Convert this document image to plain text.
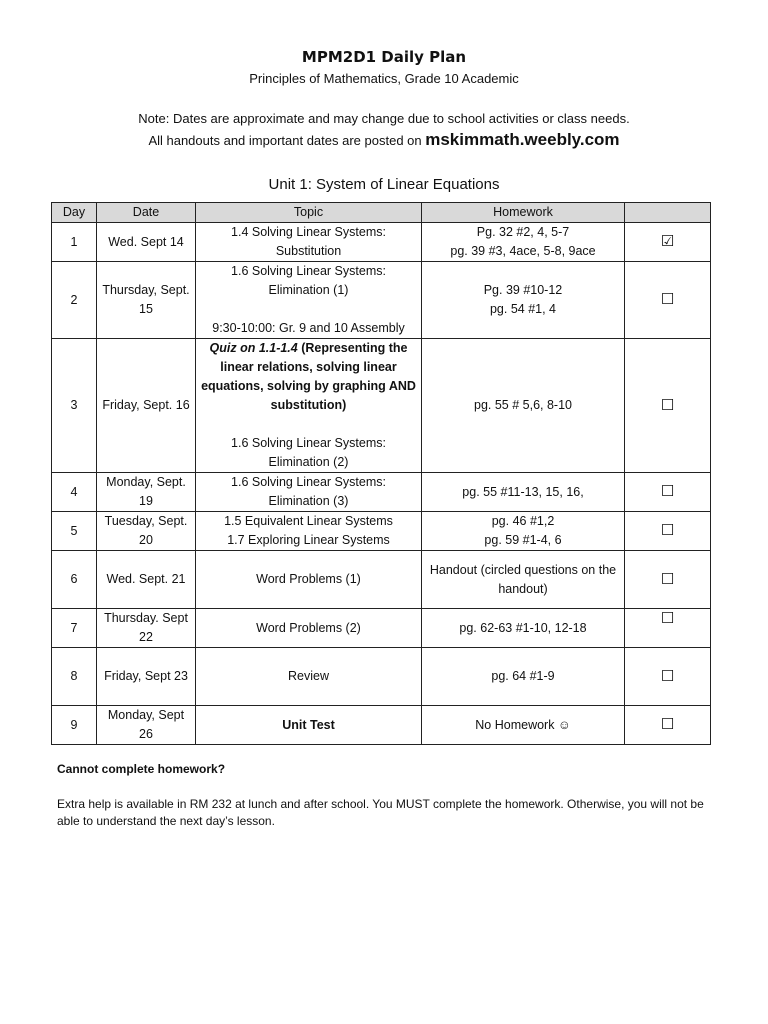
MPM2D1 Daily Plan
Principles of Mathematics, Grade 10 Academic
Note: Dates are approximate and may change due to school activities or class needs.
All handouts and important dates are posted on mskimmath.weebly.com
Unit 1: System of Linear Equations
Day	Date	Topic	Homework	
1	Wed. Sept 14	1.4 Solving Linear Systems:
Substitution	Pg. 32 #2, 4, 5-7
pg. 39 #3, 4ace, 5-8, 9ace	☑
2	Thursday, Sept. 15	1.6 Solving Linear Systems:
Elimination (1)
9:30-10:00: Gr. 9 and 10 Assembly	Pg. 39 #10-12
pg. 54 #1, 4	☐
3	Friday, Sept. 16	Quiz on 1.1-1.4 (Representing the linear relations, solving linear equations, solving by graphing AND substitution)
1.6 Solving Linear Systems:
Elimination (2)	pg. 55 # 5,6, 8-10	☐
4	Monday, Sept. 19	1.6 Solving Linear Systems:
Elimination (3)	pg. 55 #11-13, 15, 16,	☐
5	Tuesday, Sept. 20	1.5 Equivalent Linear Systems
1.7 Exploring Linear Systems	pg. 46 #1,2
pg. 59 #1-4, 6	☐
6	Wed. Sept. 21	Word Problems (1)	Handout (circled questions on the handout)	☐
7	Thursday. Sept 22	Word Problems (2)	pg. 62-63 #1-10, 12-18	☐
8	Friday, Sept 23	Review	pg. 64 #1-9	☐
9	Monday, Sept 26	Unit Test	No Homework ☺	☐
Cannot complete homework?
Extra help is available in RM 232 at lunch and after school. You MUST complete the homework. Otherwise, you will not be able to understand the next day’s lesson.
